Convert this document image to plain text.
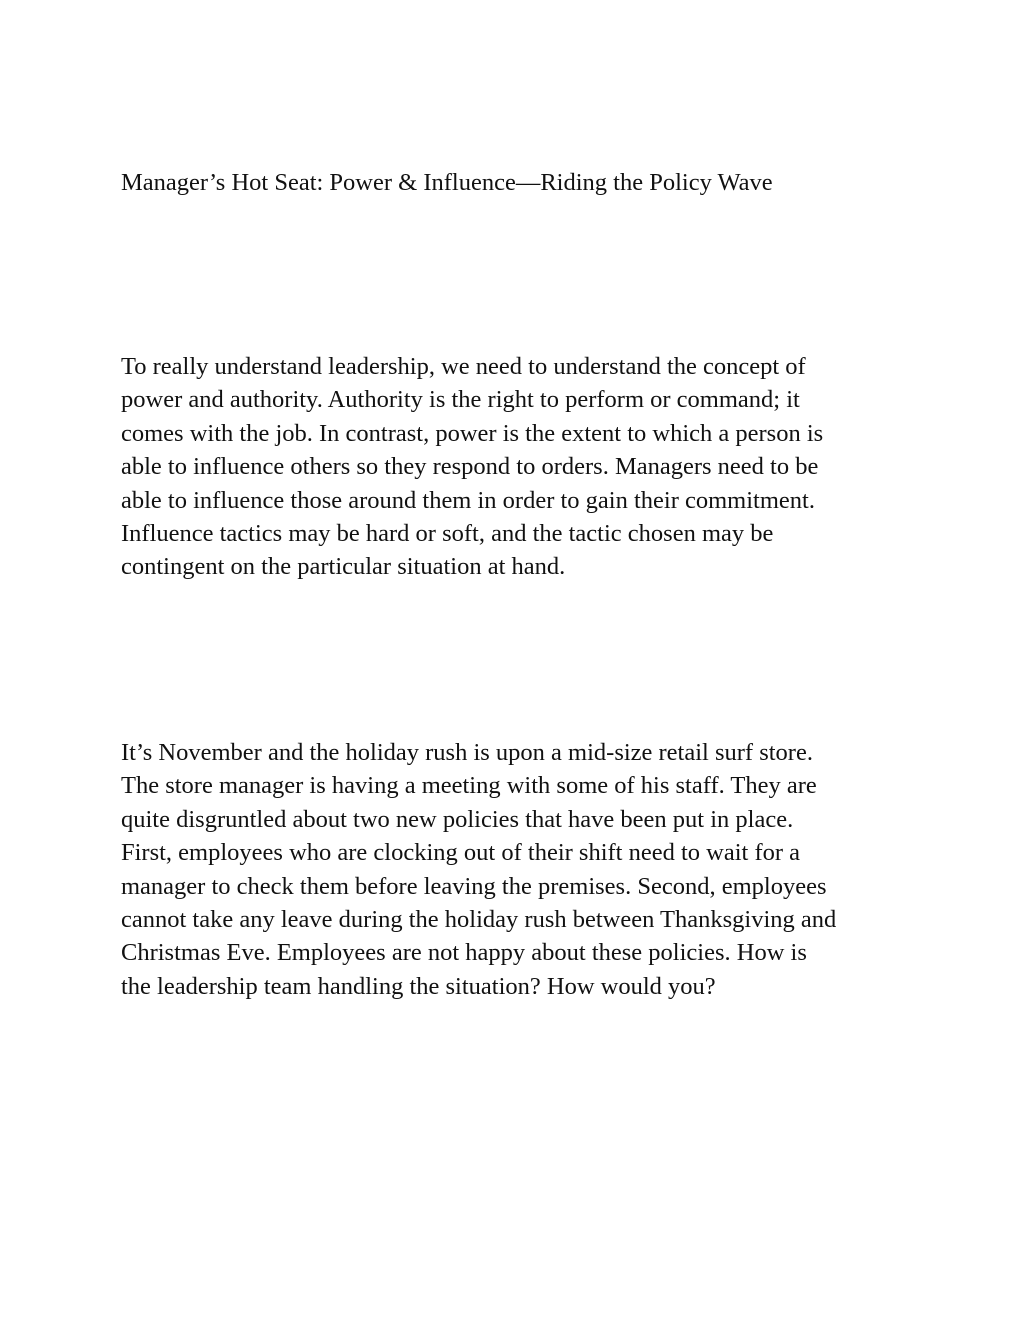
Manager’s Hot Seat: Power & Influence—Riding the Policy Wave

To really understand leadership, we need to understand the concept of
power and authority. Authority is the right to perform or command; it
comes with the job. In contrast, power is the extent to which a person is
able to influence others so they respond to orders. Managers need to be
able to influence those around them in order to gain their commitment.
Influence tactics may be hard or soft, and the tactic chosen may be
contingent on the particular situation at hand.

It’s November and the holiday rush is upon a mid-size retail surf store.
The store manager is having a meeting with some of his staff. They are
quite disgruntled about two new policies that have been put in place.
First, employees who are clocking out of their shift need to wait for a
manager to check them before leaving the premises. Second, employees
cannot take any leave during the holiday rush between Thanksgiving and
Christmas Eve. Employees are not happy about these policies. How is
the leadership team handling the situation? How would you?
